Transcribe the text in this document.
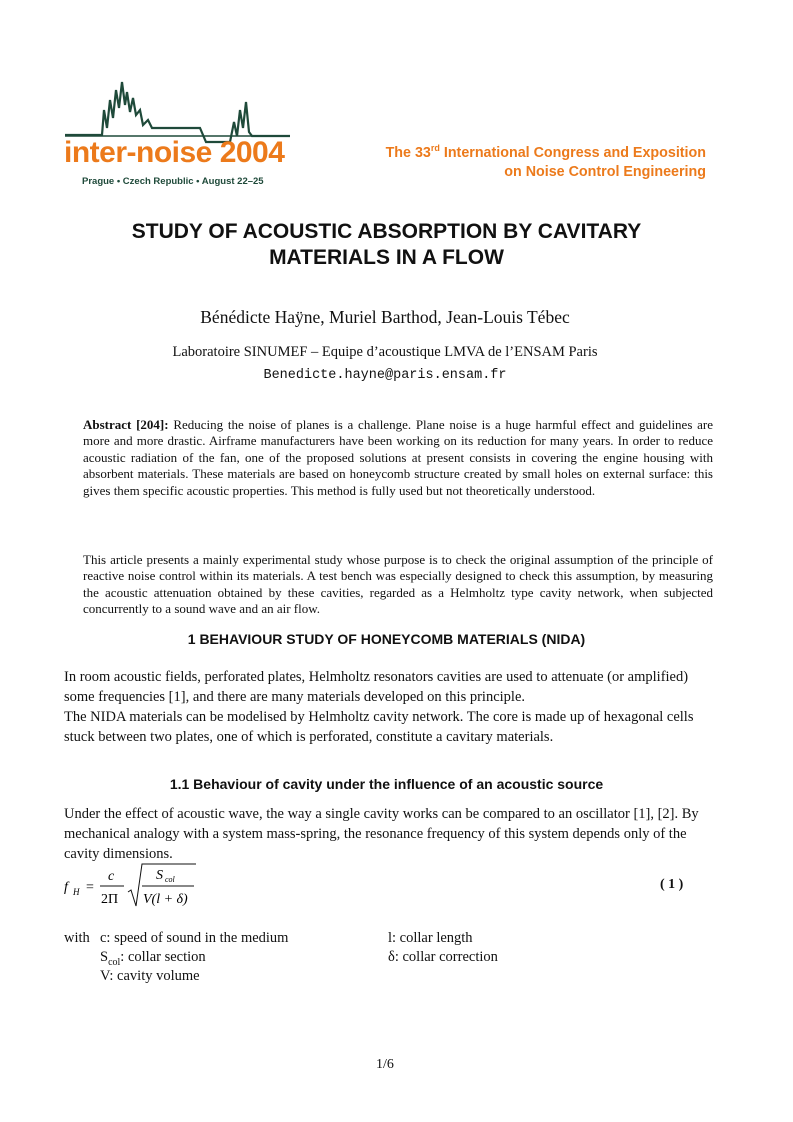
inter-noise 2004
Prague • Czech Republic • August 22–25
The 33rd International Congress and Exposition
on Noise Control Engineering
STUDY OF ACOUSTIC ABSORPTION BY CAVITARY
MATERIALS IN A FLOW
Bénédicte Haÿne, Muriel Barthod, Jean-Louis Tébec
Laboratoire SINUMEF – Equipe d’acoustique LMVA de l’ENSAM Paris
Benedicte.hayne@paris.ensam.fr
Abstract [204]: Reducing the noise of planes is a challenge. Plane noise is a huge harmful effect and guidelines are more and more drastic. Airframe manufacturers have been working on its reduction for many years. In order to reduce acoustic radiation of the fan, one of the proposed solutions at present consists in covering the engine housing with absorbent materials. These materials are based on honeycomb structure created by small holes on external surface: this gives them specific acoustic properties. This method is fully used but not theoretically understood.
This article presents a mainly experimental study whose purpose is to check the original assumption of the principle of reactive noise control within its materials. A test bench was especially designed to check this assumption, by measuring the acoustic attenuation obtained by these cavities, regarded as a Helmholtz type cavity network, when subjected concurrently to a sound wave and an air flow.
1 BEHAVIOUR STUDY OF HONEYCOMB MATERIALS (NIDA)
In room acoustic fields, perforated plates, Helmholtz resonators cavities are used to attenuate (or amplified) some frequencies [1], and there are many materials developed on this principle.
The NIDA materials can be modelised by Helmholtz cavity network. The core is made up of hexagonal cells stuck between two plates, one of which is perforated, constitute a cavitary materials.
1.1 Behaviour of cavity under the influence of an acoustic source
Under the effect of acoustic wave, the way a single cavity works can be compared to an oscillator [1], [2]. By mechanical analogy with a system mass-spring, the resonance frequency of this system depends only of the cavity dimensions.
f H =
c
2Π
S col
V(l + δ)
( 1 )
with c: speed of sound in the medium
$S_{col}$: collar section
V: cavity volume
l: collar length
δ: collar correction
1/6
